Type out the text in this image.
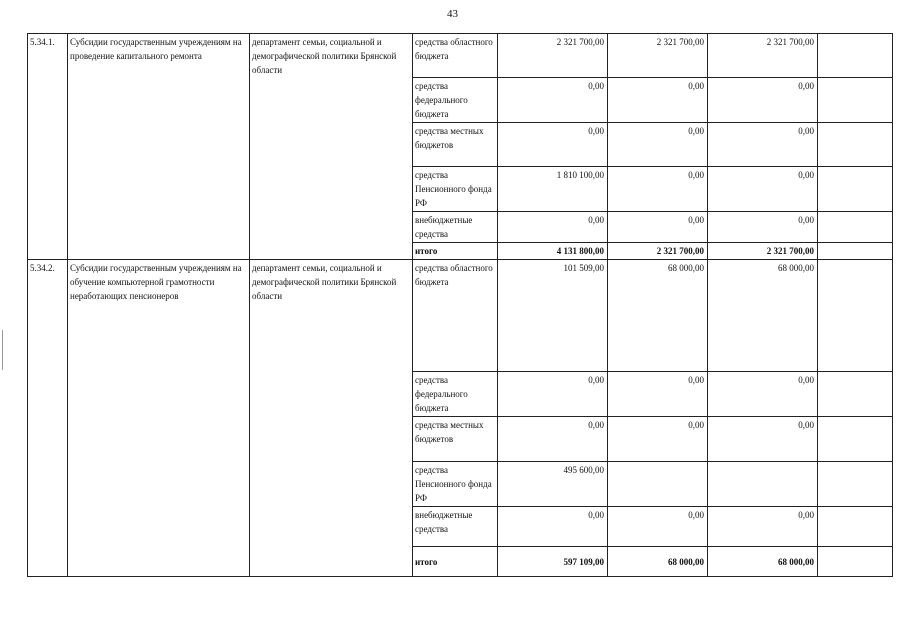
43
5.34.1.	Субсидии государственным учреждениям на проведение капитального ремонта	департамент семьи, социальной и демографической политики Брянской области	средства областного бюджета	2 321 700,00	2 321 700,00	2 321 700,00	
			средства федерального бюджета	0,00	0,00	0,00	
			средства местных бюджетов	0,00	0,00	0,00	
			средства Пенсионного фонда РФ	1 810 100,00	0,00	0,00	
			внебюджетные средства	0,00	0,00	0,00	
			итого	4 131 800,00	2 321 700,00	2 321 700,00	
5.34.2.	Субсидии государственным учреждениям на обучение компьютерной грамотности неработающих пенсионеров	департамент семьи, социальной и демографической политики Брянской области	средства областного бюджета	101 509,00	68 000,00	68 000,00	
			средства федерального бюджета	0,00	0,00	0,00	
			средства местных бюджетов	0,00	0,00	0,00	
			средства Пенсионного фонда РФ	495 600,00			
			внебюджетные средства	0,00	0,00	0,00	
			итого	597 109,00	68 000,00	68 000,00	
